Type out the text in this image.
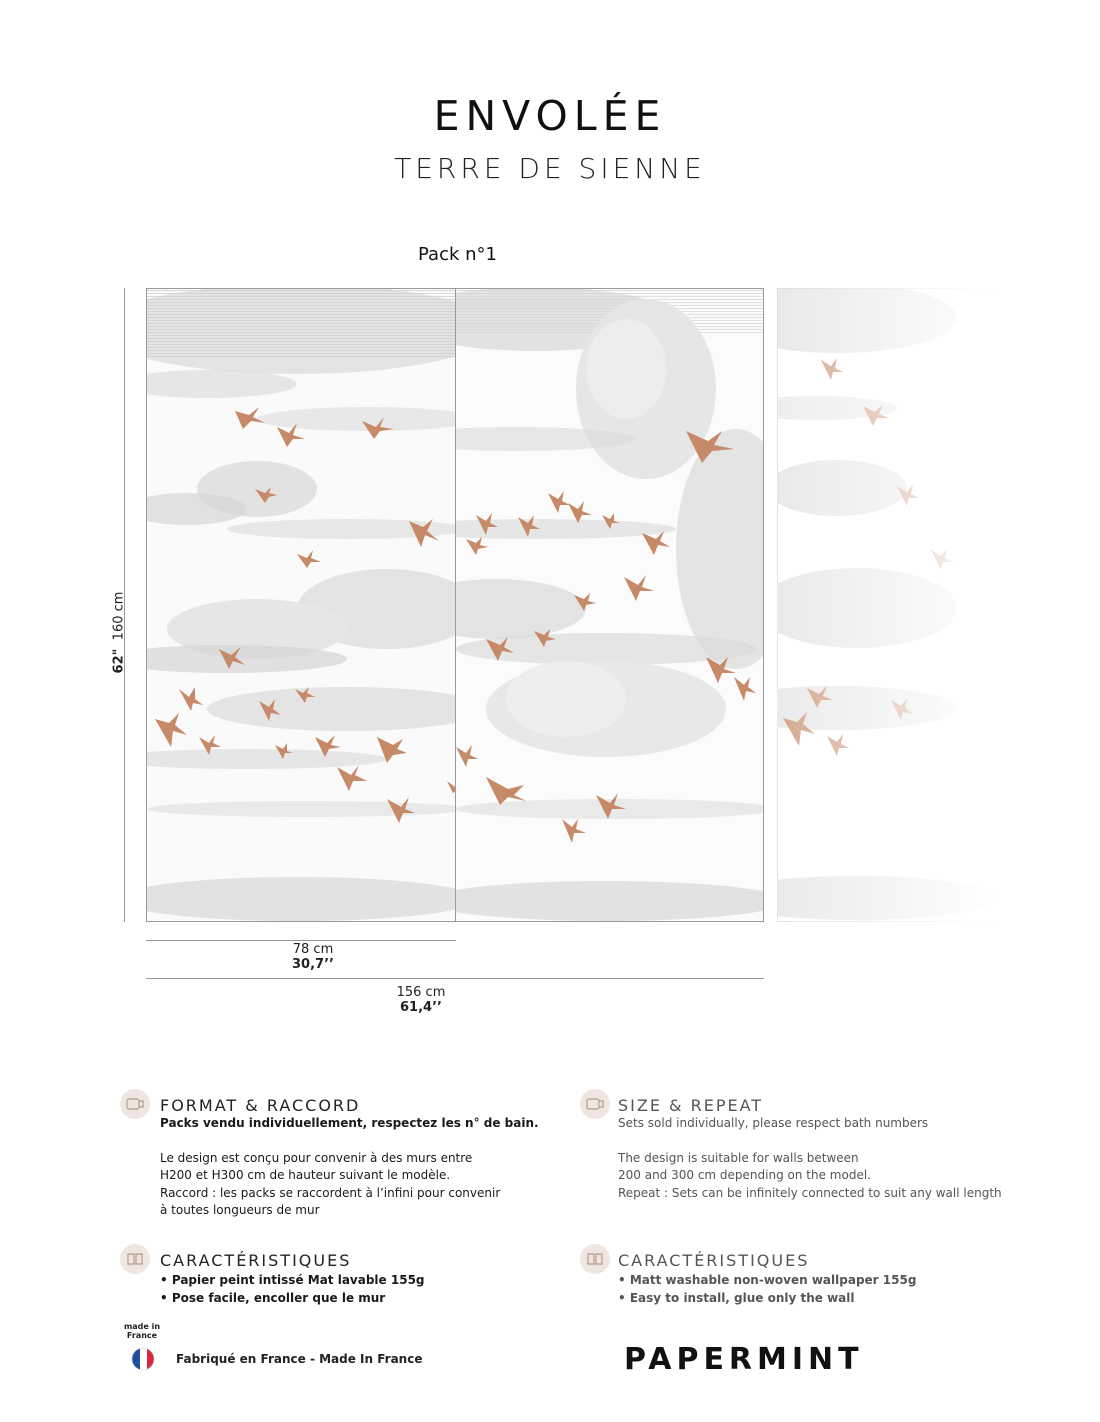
ENVOLÉE
TERRE DE SIENNE
Pack n°1
62"  160 cm
78 cm
30,7’’
156 cm
61,4’’
FORMAT & RACCORD
Packs vendu individuellement, respectez les n° de bain.
Le design est conçu pour convenir à des murs entre
H200 et H300 cm de hauteur suivant le modèle.
Raccord : les packs se raccordent à l’infini pour convenir
à toutes longueurs de mur
SIZE & REPEAT
Sets sold individually, please respect bath numbers
The design is suitable for walls between
200 and 300 cm depending on the model.
Repeat : Sets can be infinitely connected to suit any wall length
CARACTÉRISTIQUES
• Papier peint intissé Mat lavable 155g
• Pose facile, encoller que le mur
CARACTÉRISTIQUES
• Matt washable non-woven wallpaper 155g
• Easy to install, glue only the wall
made in France
Fabriqué en France - Made In France	PAPERMINT
